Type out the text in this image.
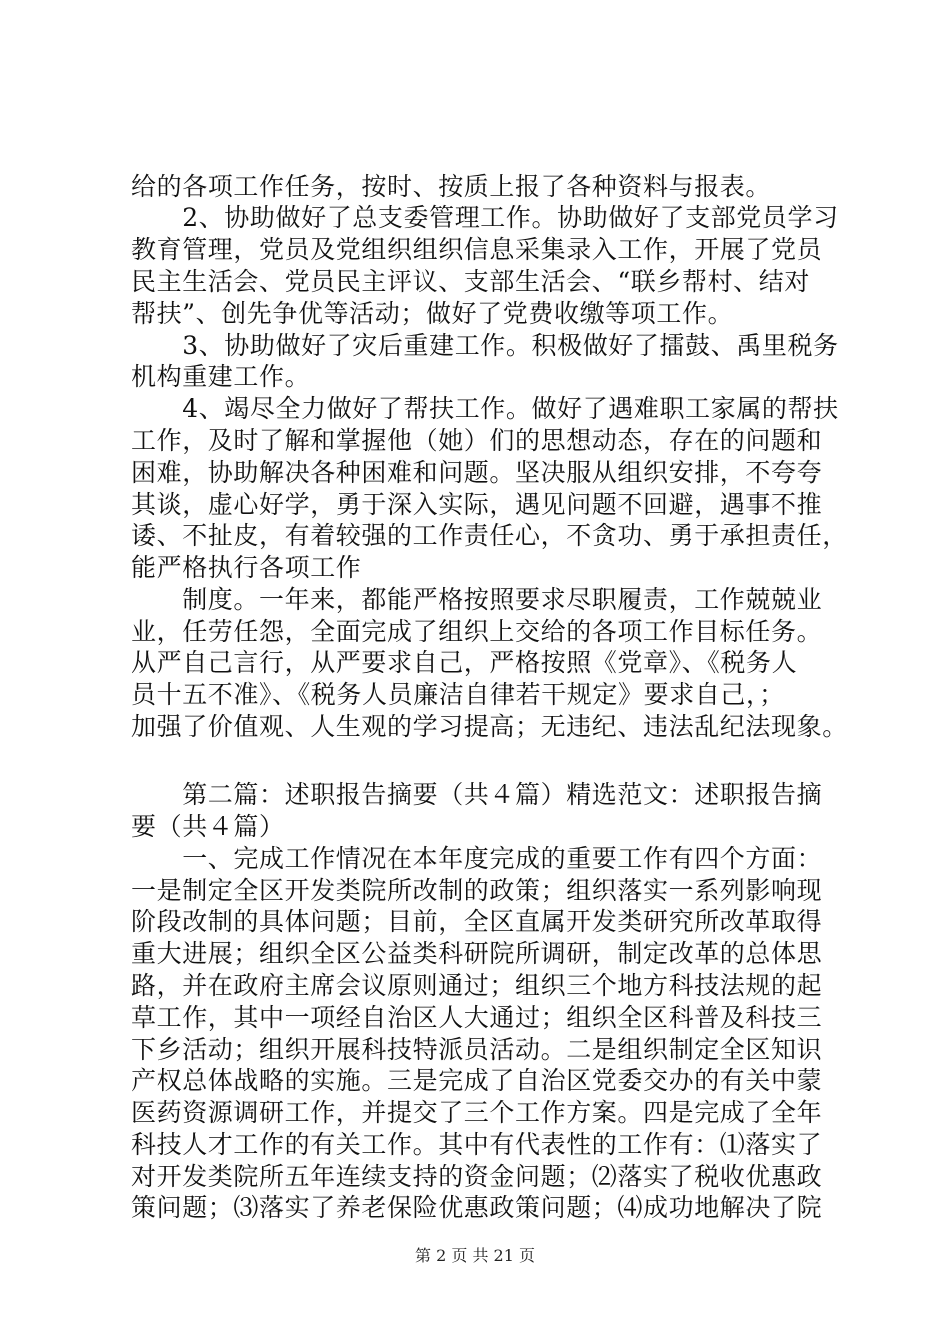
给的各项工作任务，按时、按质上报了各种资料与报表。
　　2、协助做好了总支委管理工作。协助做好了支部党员学习
教育管理，党员及党组织组织信息采集录入工作，开展了党员
民主生活会、党员民主评议、支部生活会、“联乡帮村、结对
帮扶”、创先争优等活动；做好了党费收缴等项工作。
　　3、协助做好了灾后重建工作。积极做好了擂鼓、禹里税务
机构重建工作。
　　4、竭尽全力做好了帮扶工作。做好了遇难职工家属的帮扶
工作，及时了解和掌握他（她）们的思想动态，存在的问题和
困难，协助解决各种困难和问题。坚决服从组织安排，不夸夸
其谈，虚心好学，勇于深入实际，遇见问题不回避，遇事不推
诿、不扯皮，有着较强的工作责任心，不贪功、勇于承担责任，
能严格执行各项工作
　　制度。一年来，都能严格按照要求尽职履责，工作兢兢业
业，任劳任怨，全面完成了组织上交给的各项工作目标任务。
从严自己言行，从严要求自己，严格按照《党章》、《税务人
员十五不准》、《税务人员廉洁自律若干规定》要求自己，；
加强了价值观、人生观的学习提高；无违纪、违法乱纪法现象。
　　第二篇：述职报告摘要（共４篇）精选范文：述职报告摘
要（共４篇）
　　一、完成工作情况在本年度完成的重要工作有四个方面：
一是制定全区开发类院所改制的政策；组织落实一系列影响现
阶段改制的具体问题；目前，全区直属开发类研究所改革取得
重大进展；组织全区公益类科研院所调研，制定改革的总体思
路，并在政府主席会议原则通过；组织三个地方科技法规的起
草工作，其中一项经自治区人大通过；组织全区科普及科技三
下乡活动；组织开展科技特派员活动。二是组织制定全区知识
产权总体战略的实施。三是完成了自治区党委交办的有关中蒙
医药资源调研工作，并提交了三个工作方案。四是完成了全年
科技人才工作的有关工作。其中有代表性的工作有：⑴落实了
对开发类院所五年连续支持的资金问题；⑵落实了税收优惠政
策问题；⑶落实了养老保险优惠政策问题；⑷成功地解决了院
第 2 页 共 21 页
